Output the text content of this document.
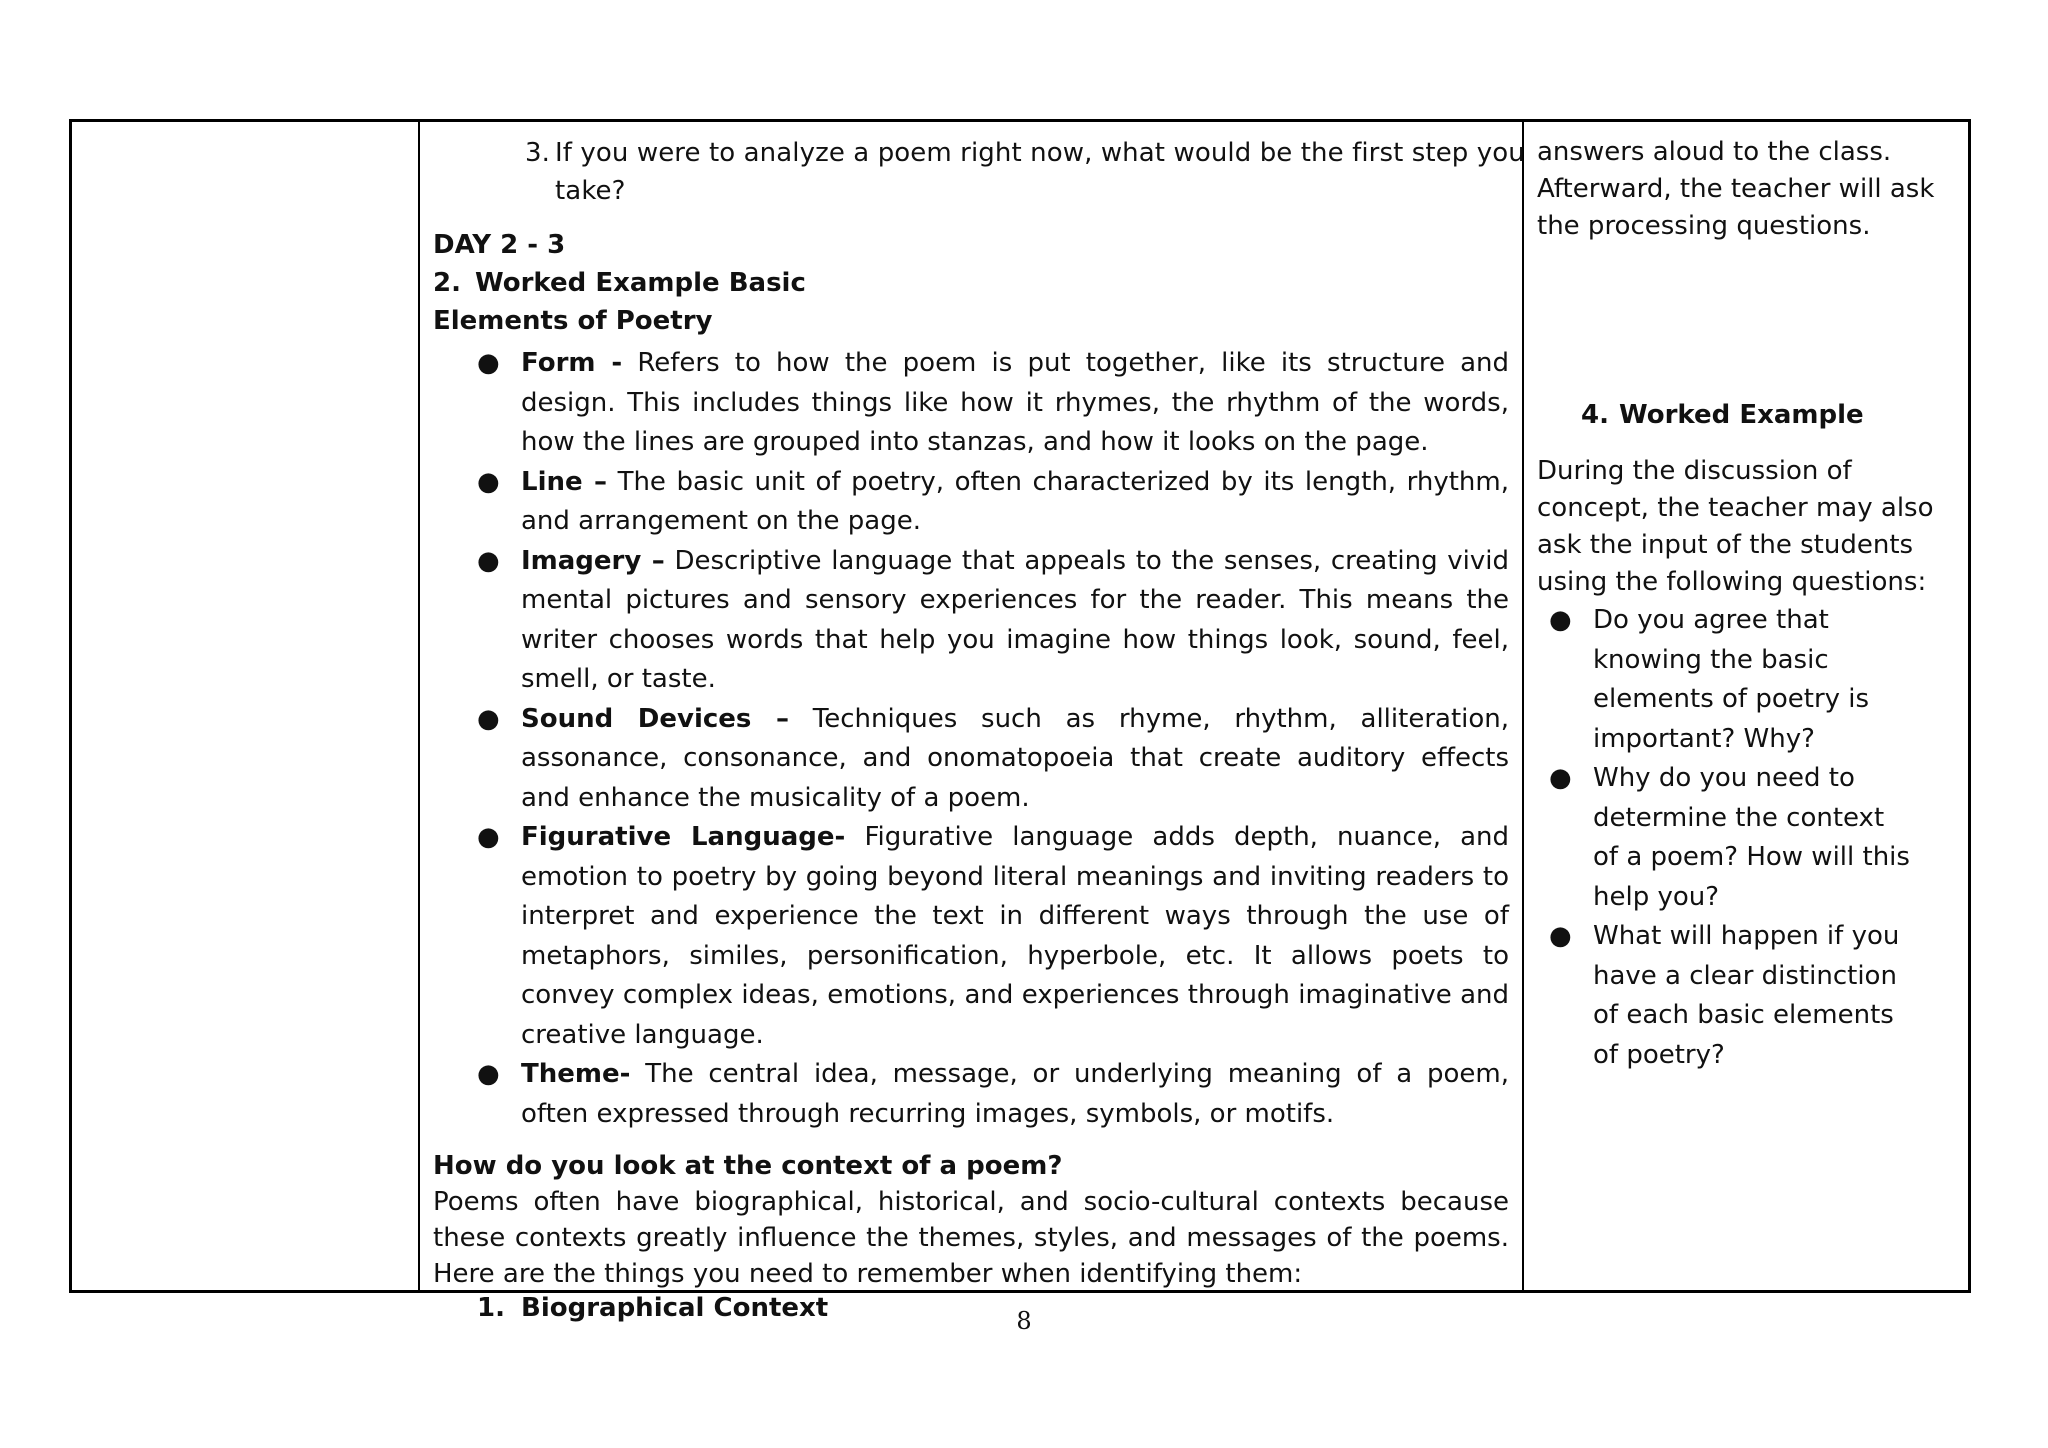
3. If you were to analyze a poem right now, what would be the first step you take?

DAY 2 - 3

2. Worked Example Basic

Elements of Poetry

● Form - Refers to how the poem is put together, like its structure and design. This includes things like how it rhymes, the rhythm of the words, how the lines are grouped into stanzas, and how it looks on the page.
● Line – The basic unit of poetry, often characterized by its length, rhythm, and arrangement on the page.
● Imagery – Descriptive language that appeals to the senses, creating vivid mental pictures and sensory experiences for the reader. This means the writer chooses words that help you imagine how things look, sound, feel, smell, or taste.
● Sound Devices – Techniques such as rhyme, rhythm, alliteration, assonance, consonance, and onomatopoeia that create auditory effects and enhance the musicality of a poem.
● Figurative Language- Figurative language adds depth, nuance, and emotion to poetry by going beyond literal meanings and inviting readers to interpret and experience the text in different ways through the use of metaphors, similes, personification, hyperbole, etc. It allows poets to convey complex ideas, emotions, and experiences through imaginative and creative language.
● Theme- The central idea, message, or underlying meaning of a poem, often expressed through recurring images, symbols, or motifs.

How do you look at the context of a poem?

Poems often have biographical, historical, and socio-cultural contexts because these contexts greatly influence the themes, styles, and messages of the poems. Here are the things you need to remember when identifying them:

1. Biographical Context

answers aloud to the class. Afterward, the teacher will ask the processing questions.

4. Worked Example

During the discussion of concept, the teacher may also ask the input of the students using the following questions:

● Do you agree that knowing the basic elements of poetry is important? Why?
● Why do you need to determine the context of a poem? How will this help you?
● What will happen if you have a clear distinction of each basic elements of poetry?
8
